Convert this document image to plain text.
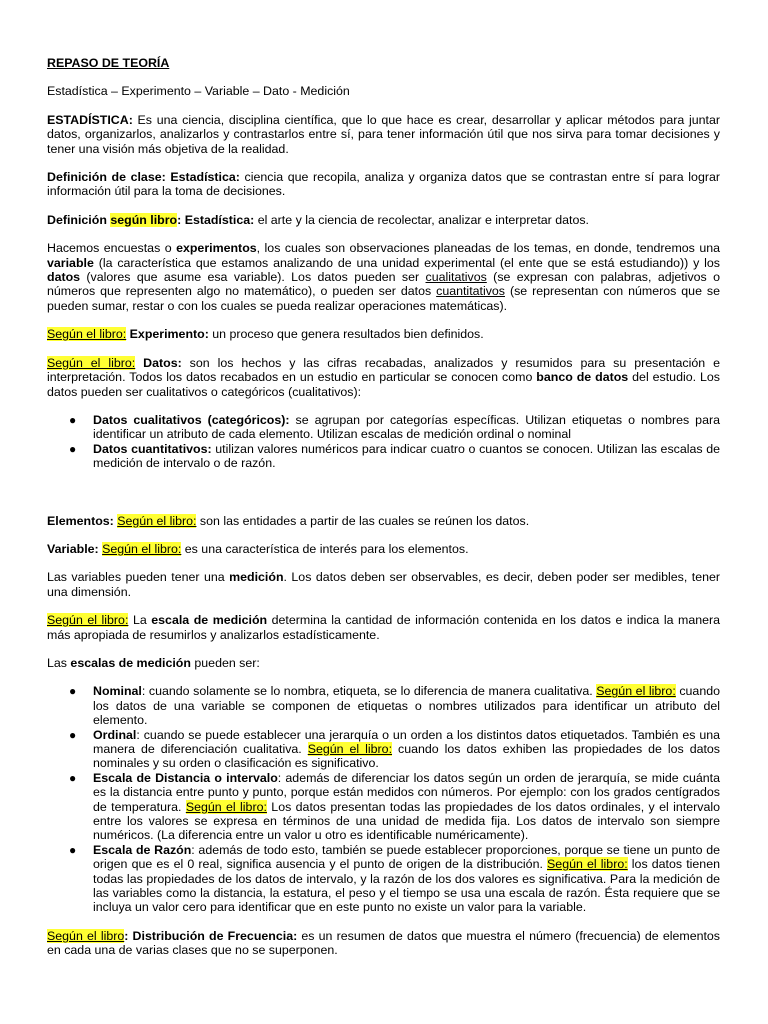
REPASO DE TEORÍA

Estadística – Experimento – Variable – Dato - Medición

ESTADÍSTICA: Es una ciencia, disciplina científica, que lo que hace es crear, desarrollar y aplicar métodos para juntar datos, organizarlos, analizarlos y contrastarlos entre sí, para tener información útil que nos sirva para tomar decisiones y tener una visión más objetiva de la realidad.

Definición de clase: Estadística: ciencia que recopila, analiza y organiza datos que se contrastan entre sí para lograr información útil para la toma de decisiones.

Definición según libro: Estadística: el arte y la ciencia de recolectar, analizar e interpretar datos.

Hacemos encuestas o experimentos, los cuales son observaciones planeadas de los temas, en donde, tendremos una variable (la característica que estamos analizando de una unidad experimental (el ente que se está estudiando)) y los datos (valores que asume esa variable). Los datos pueden ser cualitativos (se expresan con palabras, adjetivos o números que representen algo no matemático), o pueden ser datos cuantitativos (se representan con números que se pueden sumar, restar o con los cuales se pueda realizar operaciones matemáticas).

Según el libro: Experimento: un proceso que genera resultados bien definidos.

Según el libro: Datos: son los hechos y las cifras recabadas, analizados y resumidos para su presentación e interpretación. Todos los datos recabados en un estudio en particular se conocen como banco de datos del estudio. Los datos pueden ser cualitativos o categóricos (cualitativos):

● Datos cualitativos (categóricos): se agrupan por categorías específicas. Utilizan etiquetas o nombres para identificar un atributo de cada elemento. Utilizan escalas de medición ordinal o nominal
● Datos cuantitativos: utilizan valores numéricos para indicar cuatro o cuantos se conocen. Utilizan las escalas de medición de intervalo o de razón.

Elementos: Según el libro: son las entidades a partir de las cuales se reúnen los datos.

Variable: Según el libro: es una característica de interés para los elementos.

Las variables pueden tener una medición. Los datos deben ser observables, es decir, deben poder ser medibles, tener una dimensión.

Según el libro: La escala de medición determina la cantidad de información contenida en los datos e indica la manera más apropiada de resumirlos y analizarlos estadísticamente.

Las escalas de medición pueden ser:

● Nominal: cuando solamente se lo nombra, etiqueta, se lo diferencia de manera cualitativa. Según el libro: cuando los datos de una variable se componen de etiquetas o nombres utilizados para identificar un atributo del elemento.
● Ordinal: cuando se puede establecer una jerarquía o un orden a los distintos datos etiquetados. También es una manera de diferenciación cualitativa. Según el libro: cuando los datos exhiben las propiedades de los datos nominales y su orden o clasificación es significativo.
● Escala de Distancia o intervalo: además de diferenciar los datos según un orden de jerarquía, se mide cuánta es la distancia entre punto y punto, porque están medidos con números. Por ejemplo: con los grados centígrados de temperatura. Según el libro: Los datos presentan todas las propiedades de los datos ordinales, y el intervalo entre los valores se expresa en términos de una unidad de medida fija. Los datos de intervalo son siempre numéricos. (La diferencia entre un valor u otro es identificable numéricamente).
● Escala de Razón: además de todo esto, también se puede establecer proporciones, porque se tiene un punto de origen que es el 0 real, significa ausencia y el punto de origen de la distribución. Según el libro: los datos tienen todas las propiedades de los datos de intervalo, y la razón de los dos valores es significativa. Para la medición de las variables como la distancia, la estatura, el peso y el tiempo se usa una escala de razón. Ésta requiere que se incluya un valor cero para identificar que en este punto no existe un valor para la variable.

Según el libro: Distribución de Frecuencia: es un resumen de datos que muestra el número (frecuencia) de elementos en cada una de varias clases que no se superponen.
